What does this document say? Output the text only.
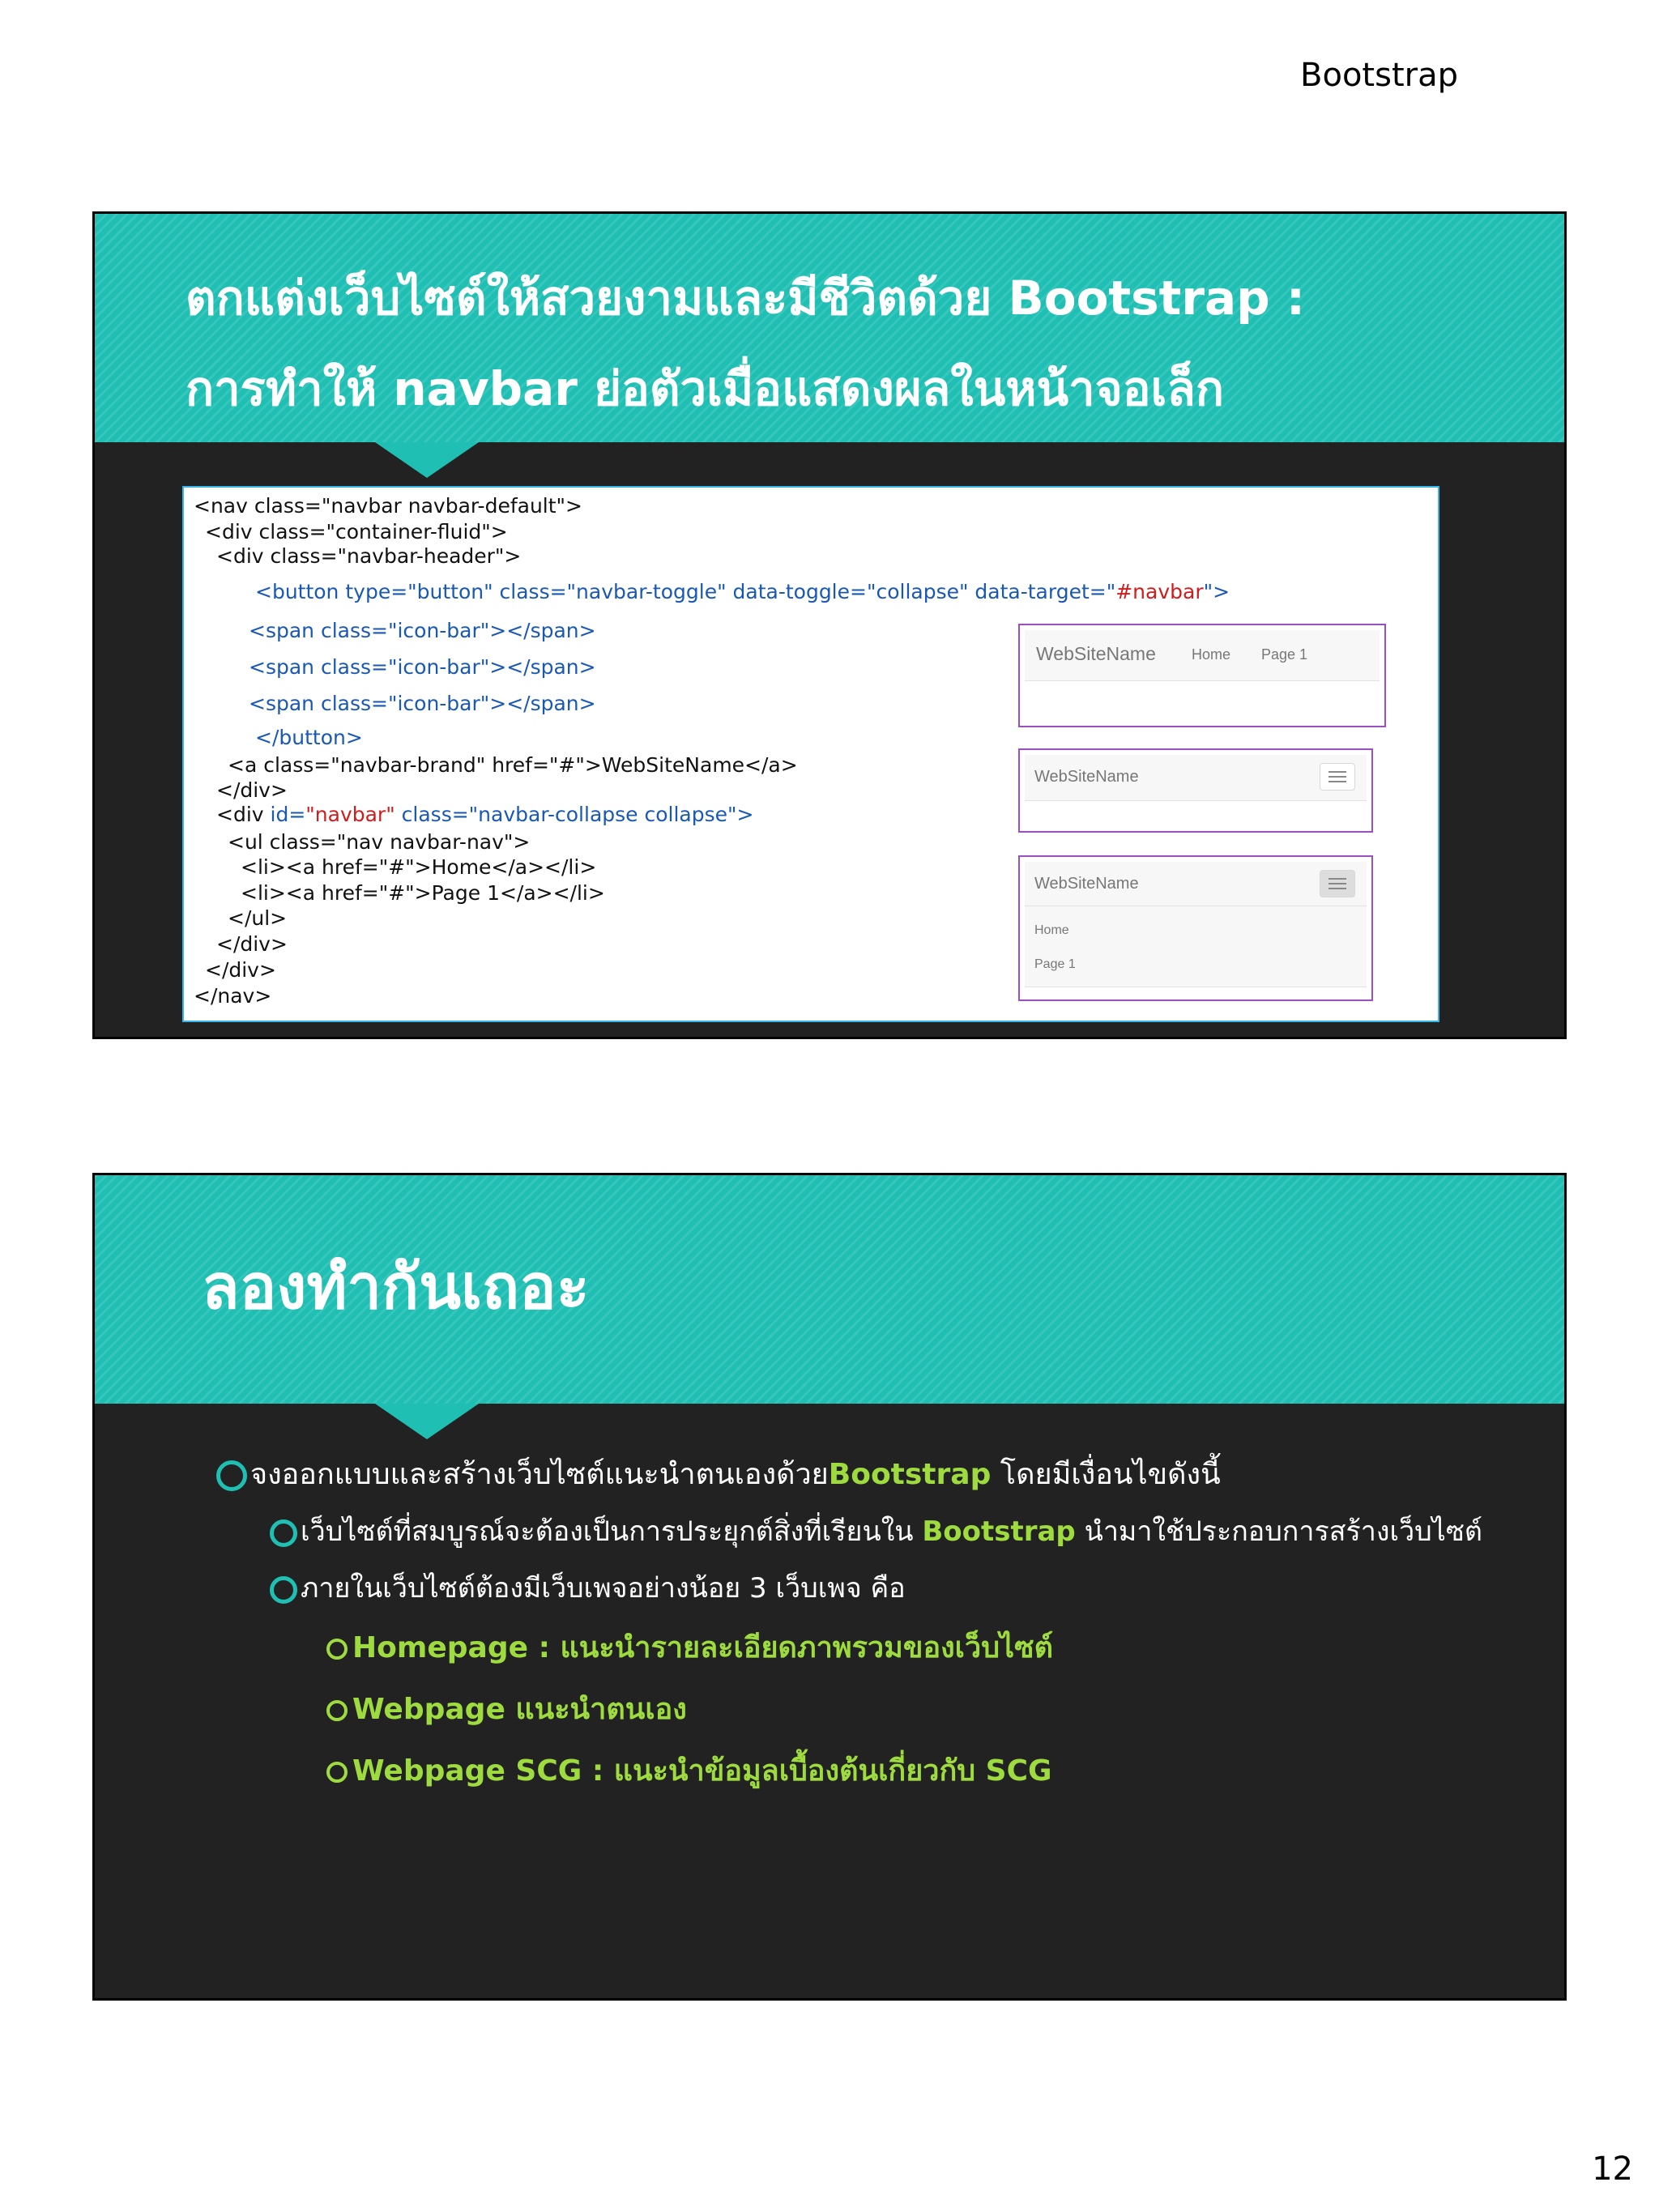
Bootstrap
ตกแต่งเว็บไซต์ให้สวยงามและมีชีวิตด้วย Bootstrap :
การทำให้ navbar ย่อตัวเมื่อแสดงผลในหน้าจอเล็ก
<nav class="navbar navbar-default">
<div class="container-fluid">
<div class="navbar-header">
<button type="button" class="navbar-toggle" data-toggle="collapse" data-target="#navbar">
<span class="icon-bar"></span>
<span class="icon-bar"></span>
<span class="icon-bar"></span>
</button>
<a class="navbar-brand" href="#">WebSiteName</a>
</div>
<div id="navbar" class="navbar-collapse collapse">
<ul class="nav navbar-nav">
<li><a href="#">Home</a></li>
<li><a href="#">Page 1</a></li>
</ul>
</div>
</div>
</nav>
WebSiteName Home Page 1
WebSiteName
WebSiteName
Home
Page 1
ลองทำกันเถอะ
จงออกแบบและสร้างเว็บไซต์แนะนำตนเองด้วยBootstrap โดยมีเงื่อนไขดังนี้
เว็บไซต์ที่สมบูรณ์จะต้องเป็นการประยุกต์สิ่งที่เรียนใน Bootstrap นำมาใช้ประกอบการสร้างเว็บไซต์
ภายในเว็บไซต์ต้องมีเว็บเพจอย่างน้อย 3 เว็บเพจ คือ
Homepage : แนะนำรายละเอียดภาพรวมของเว็บไซต์
Webpage แนะนำตนเอง
Webpage SCG : แนะนำข้อมูลเบื้องต้นเกี่ยวกับ SCG
12
